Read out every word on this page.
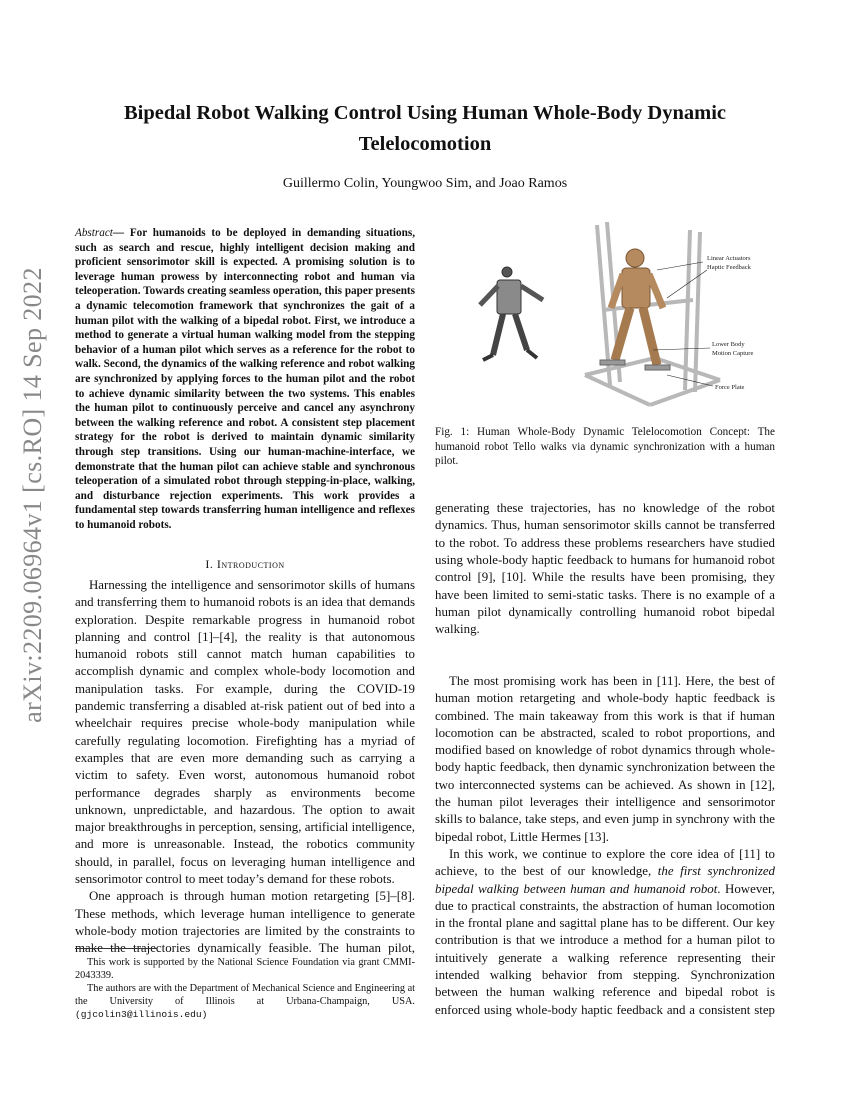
Bipedal Robot Walking Control Using Human Whole-Body Dynamic Telelocomotion
Guillermo Colin, Youngwoo Sim, and Joao Ramos
arXiv:2209.06964v1 [cs.RO] 14 Sep 2022
Abstract— For humanoids to be deployed in demanding situations, such as search and rescue, highly intelligent decision making and proficient sensorimotor skill is expected. A promising solution is to leverage human prowess by interconnecting robot and human via teleoperation. Towards creating seamless operation, this paper presents a dynamic telecomotion framework that synchronizes the gait of a human pilot with the walking of a bipedal robot. First, we introduce a method to generate a virtual human walking model from the stepping behavior of a human pilot which serves as a reference for the robot to walk. Second, the dynamics of the walking reference and robot walking are synchronized by applying forces to the human pilot and the robot to achieve dynamic similarity between the two systems. This enables the human pilot to continuously perceive and cancel any asynchrony between the walking reference and robot. A consistent step placement strategy for the robot is derived to maintain dynamic similarity through step transitions. Using our human-machine-interface, we demonstrate that the human pilot can achieve stable and synchronous teleoperation of a simulated robot through stepping-in-place, walking, and disturbance rejection experiments. This work provides a fundamental step towards transferring human intelligence and reflexes to humanoid robots.
I. Introduction

Harnessing the intelligence and sensorimotor skills of humans and transferring them to humanoid robots is an idea that demands exploration. Despite remarkable progress in humanoid robot planning and control [1]–[4], the reality is that autonomous humanoid robots still cannot match human capabilities to accomplish dynamic and complex whole-body locomotion and manipulation tasks. For example, during the COVID-19 pandemic transferring a disabled at-risk patient out of bed into a wheelchair requires precise whole-body manipulation while carefully regulating locomotion. Firefighting has a myriad of examples that are even more demanding such as carrying a victim to safety. Even worst, autonomous humanoid robot performance degrades sharply as environments become unknown, unpredictable, and hazardous. The option to await major breakthroughs in perception, sensing, artificial intelligence, and more is unreasonable. Instead, the robotics community should, in parallel, focus on leveraging human intelligence and sensorimotor control to meet today’s demand for these robots.

One approach is through human motion retargeting [5]–[8]. These methods, which leverage human intelligence to generate whole-body motion trajectories are limited by the constraints to make the trajectories dynamically feasible. The human pilot,

This work is supported by the National Science Foundation via grant CMMI-2043339.

The authors are with the Department of Mechanical Science and Engineering at the University of Illinois at Urbana-Champaign, USA.(gjcolin3@illinois.edu)

Linear Actuators
Haptic Feedback
Lower Body
Motion Capture
Force Plate
Fig. 1: Human Whole-Body Dynamic Telelocomotion Concept: The humanoid robot Tello walks via dynamic synchronization with a human pilot.

generating these trajectories, has no knowledge of the robot dynamics. Thus, human sensorimotor skills cannot be transferred to the robot. To address these problems researchers have studied using whole-body haptic feedback to humans for humanoid robot control [9], [10]. While the results have been promising, they have been limited to semi-static tasks. There is no example of a human pilot dynamically controlling humanoid robot bipedal walking.

The most promising work has been in [11]. Here, the best of human motion retargeting and whole-body haptic feedback is combined. The main takeaway from this work is that if human locomotion can be abstracted, scaled to robot proportions, and modified based on knowledge of robot dynamics through whole-body haptic feedback, then dynamic synchronization between the two interconnected systems can be achieved. As shown in [12], the human pilot leverages their intelligence and sensorimotor skills to balance, take steps, and even jump in synchrony with the bipedal robot, Little Hermes [13].

In this work, we continue to explore the core idea of [11] to achieve, to the best of our knowledge, the first synchronized bipedal walking between human and humanoid robot. However, due to practical constraints, the abstraction of human locomotion in the frontal plane and sagittal plane has to be different. Our key contribution is that we introduce a method for a human pilot to intuitively generate a walking reference representing their intended walking behavior from stepping. Synchronization between the human walking reference and bipedal robot is enforced using whole-body haptic feedback and a consistent step
